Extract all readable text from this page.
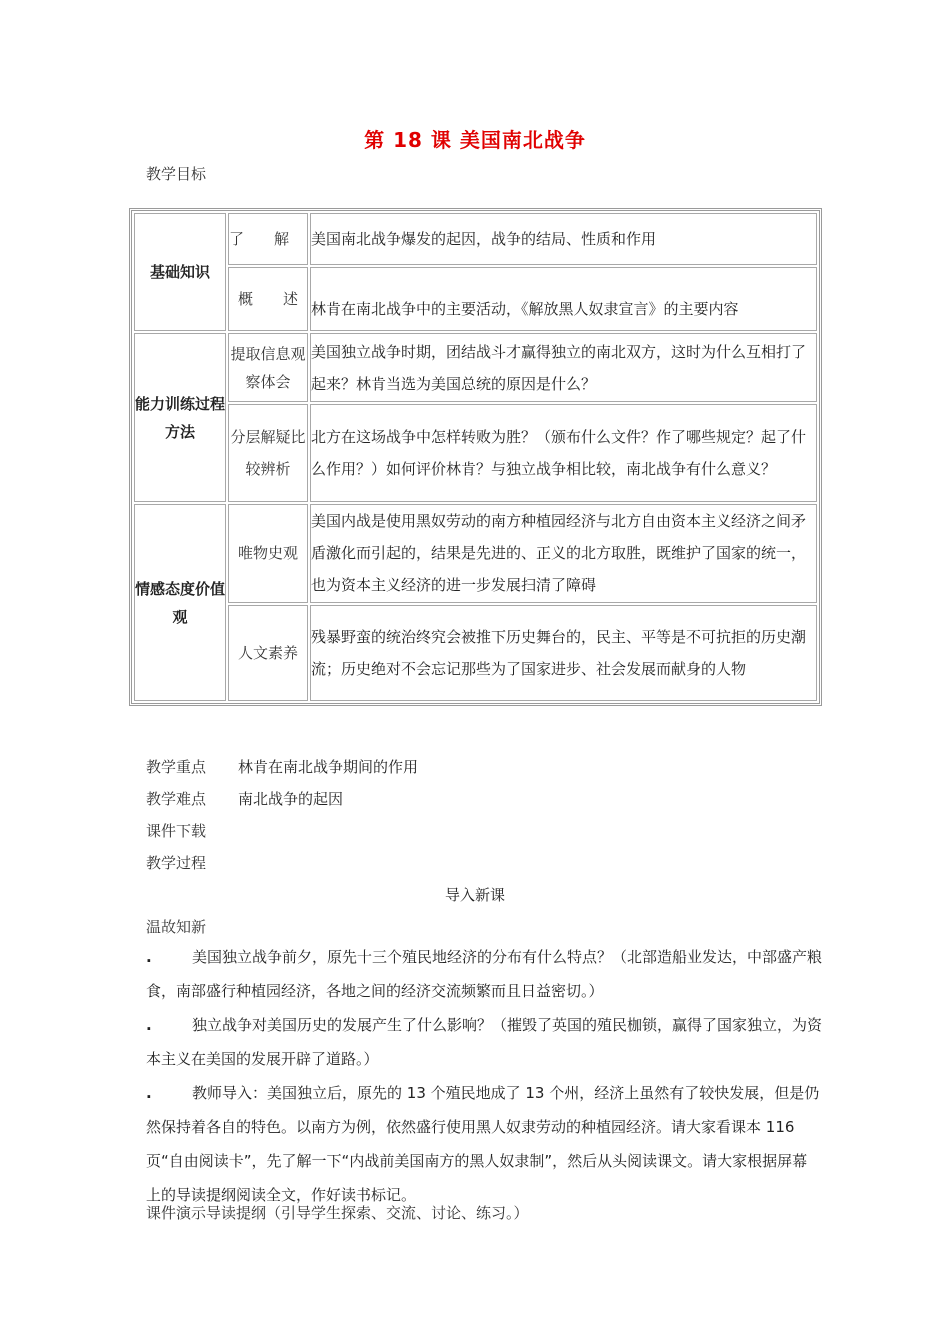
第 18 课 美国南北战争
教学目标
基础知识	了　　解	美国南北战争爆发的起因，战争的结局、性质和作用
	概　　述	林肯在南北战争中的主要活动，《解放黑人奴隶宣言》的主要内容
能力训练过程方法	提取信息观察体会	美国独立战争时期，团结战斗才赢得独立的南北双方，这时为什么互相打了起来？林肯当选为美国总统的原因是什么？
	分层解疑比较辨析	北方在这场战争中怎样转败为胜？（颁布什么文件？作了哪些规定？起了什么作用？）如何评价林肯？与独立战争相比较，南北战争有什么意义？
情感态度价值 观	唯物史观	美国内战是使用黑奴劳动的南方种植园经济与北方自由资本主义经济之间矛盾激化而引起的，结果是先进的、正义的北方取胜，既维护了国家的统一，也为资本主义经济的进一步发展扫清了障碍
	人文素养	残暴野蛮的统治终究会被推下历史舞台的，民主、平等是不可抗拒的历史潮流；历史绝对不会忘记那些为了国家进步、社会发展而献身的人物
教学重点 林肯在南北战争期间的作用
教学难点 南北战争的起因
课件下载
教学过程
导入新课
温故知新
.	美国独立战争前夕，原先十三个殖民地经济的分布有什么特点？（北部造船业发达，中部盛产粮食，南部盛行种植园经济，各地之间的经济交流频繁而且日益密切。）
.	独立战争对美国历史的发展产生了什么影响？（摧毁了英国的殖民枷锁，赢得了国家独立，为资本主义在美国的发展开辟了道路。）
.	教师导入：美国独立后，原先的 13 个殖民地成了 13 个州，经济上虽然有了较快发展，但是仍然保持着各自的特色。以南方为例，依然盛行使用黑人奴隶劳动的种植园经济。请大家看课本 116 页“自由阅读卡”，先了解一下“内战前美国南方的黑人奴隶制”，然后从头阅读课文。请大家根据屏幕上的导读提纲阅读全文，作好读书标记。
课件演示导读提纲（引导学生探索、交流、讨论、练习。）
